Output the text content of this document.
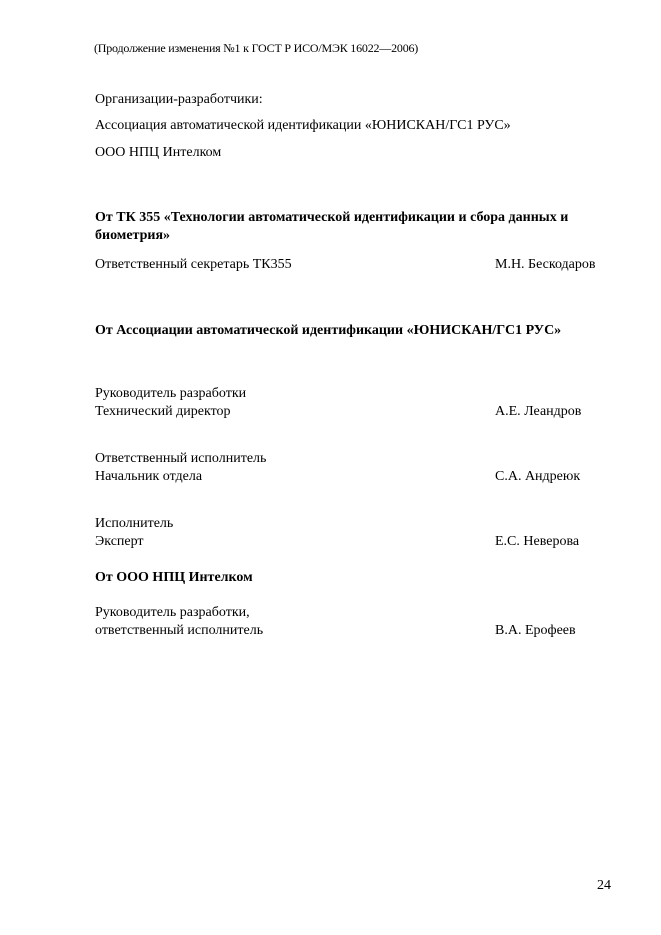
(Продолжение изменения №1 к ГОСТ Р ИСО/МЭК 16022—2006)
Организации-разработчики:
Ассоциация автоматической идентификации «ЮНИСКАН/ГС1 РУС»
ООО НПЦ Интелком
От ТК 355 «Технологии автоматической идентификации и сбора данных и биометрия»
Ответственный секретарь ТК355	М.Н. Бескодаров
От Ассоциации автоматической идентификации «ЮНИСКАН/ГС1 РУС»
Руководитель разработки
Технический директор	А.Е. Леандров
Ответственный исполнитель
Начальник отдела	С.А. Андреюк
Исполнитель
Эксперт	Е.С. Неверова
От ООО НПЦ Интелком
Руководитель разработки,
ответственный исполнитель	В.А. Ерофеев
24
